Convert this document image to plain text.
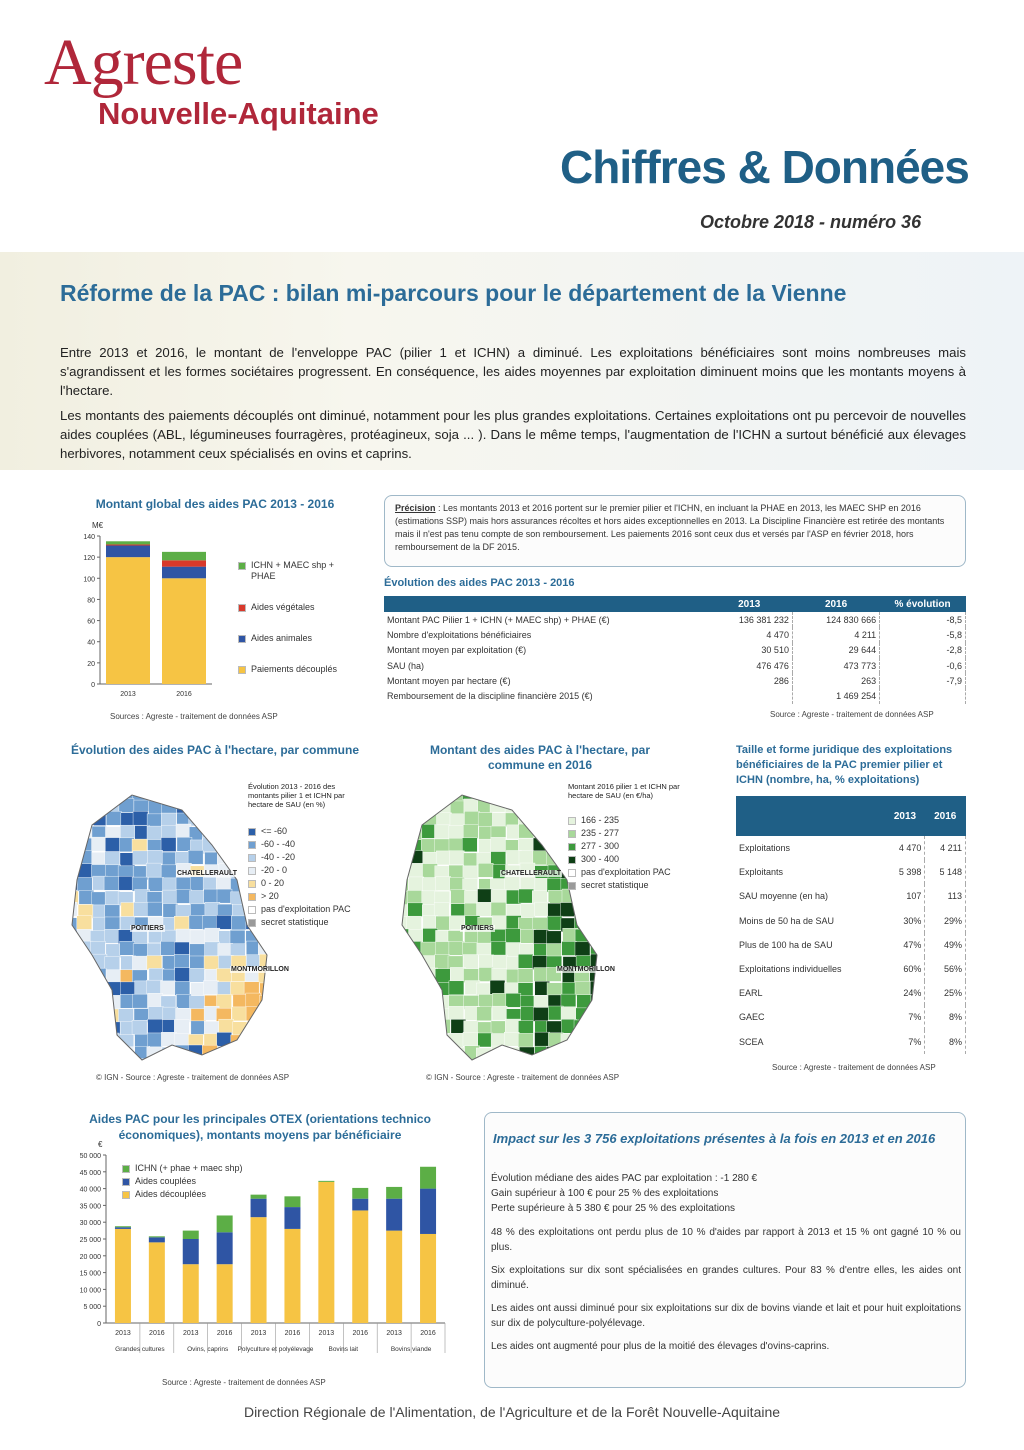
Agreste
Nouvelle-Aquitaine
Chiffres & Données
Octobre 2018 - numéro 36
Réforme de la PAC : bilan mi-parcours pour le département de la Vienne

Entre 2013 et 2016, le montant de l'enveloppe PAC (pilier 1 et ICHN) a diminué. Les exploitations bénéficiaires sont moins nombreuses mais s'agrandissent et les formes sociétaires progressent. En conséquence, les aides moyennes par exploitation diminuent moins que les montants moyens à l'hectare.

Les montants des paiements découplés ont diminué, notamment pour les plus grandes exploitations. Certaines exploitations ont pu percevoir de nouvelles aides couplées (ABL, légumineuses fourragères, protéagineux, soja ... ). Dans le même temps, l'augmentation de l'ICHN a surtout bénéficié aux élevages herbivores, notamment ceux spécialisés en ovins et caprins.

Montant global des aides PAC 2013 - 2016
M€
0
20
40
60
80
100
120
140
2013	2016
ICHN + MAEC shp + PHAE
Aides végétales
Aides animales
Paiements découplés
Sources : Agreste - traitement de données ASP
Précision : Les montants 2013 et 2016 portent sur le premier pilier et l'ICHN, en incluant la PHAE en 2013, les MAEC SHP en 2016 (estimations SSP) mais hors assurances récoltes et hors aides exceptionnelles en 2013. La Discipline Financière est retirée des montants mais il n'est pas tenu compte de son remboursement. Les paiements 2016 sont ceux dus et versés par l'ASP en février 2018, hors remboursement de la DF 2015.
Évolution des aides PAC 2013 - 2016
	2013	2016	% évolution
Montant PAC Pilier 1 + ICHN (+ MAEC shp) + PHAE (€)	136 381 232	124 830 666	-8,5
Nombre d'exploitations bénéficiaires	4 470	4 211	-5,8
Montant moyen par exploitation (€)	30 510	29 644	-2,8
SAU (ha)	476 476	473 773	-0,6
Montant moyen par hectare (€)	286	263	-7,9
Remboursement de la discipline financière 2015 (€)		1 469 254	
Source : Agreste - traitement de données ASP
Évolution des aides PAC à l'hectare, par commune
Évolution 2013 - 2016 des montants pilier 1 et ICHN par hectare de SAU (en %)
<= -60
-60 - -40
-40 - -20
-20 - 0
0 - 20
> 20
pas d'exploitation PAC
secret statistique
CHATELLERAULT
POITIERS
MONTMORILLON
© IGN - Source : Agreste - traitement de données ASP
Montant des aides PAC à l'hectare, par commune en 2016
Montant 2016 pilier 1 et ICHN par hectare de SAU (en €/ha)
166 - 235
235 - 277
277 - 300
300 - 400
pas d'exploitation PAC
secret statistique
CHATELLERAULT
POITIERS
MONTMORILLON
© IGN - Source : Agreste - traitement de données ASP
Taille et forme juridique des exploitations bénéficiaires de la PAC premier pilier et ICHN (nombre, ha, % exploitations)
	2013	2016
Exploitations	4 470	4 211
Exploitants	5 398	5 148
SAU moyenne (en ha)	107	113
Moins de 50 ha de SAU	30%	29%
Plus de 100 ha de SAU	47%	49%
Exploitations individuelles	60%	56%
EARL	24%	25%
GAEC	7%	8%
SCEA	7%	8%
Source : Agreste - traitement de données ASP
Aides PAC pour les principales OTEX (orientations technico économiques), montants moyens par bénéficiaire
€
0
5 000
10 000
15 000
20 000
25 000
30 000
35 000
40 000
45 000
50 000
2013	2016	2013	2016	2013	2016	2013	2016	2013	2016
Grandes cultures	Ovins, caprins Polyculture et polyélevage Bovins lait	Bovins viande
ICHN (+ phae + maec shp)
Aides couplées
Aides découplées
Source : Agreste - traitement de données ASP
Impact sur les 3 756 exploitations présentes à la fois en 2013 et en 2016
Évolution médiane des aides PAC par exploitation : -1 280 €
Gain supérieur à 100 € pour 25 % des exploitations
Perte supérieure à 5 380 € pour 25 % des exploitations
48 % des exploitations ont perdu plus de 10 % d'aides par rapport à 2013 et 15 % ont gagné 10 % ou plus.
Six exploitations sur dix sont spécialisées en grandes cultures. Pour 83 % d'entre elles, les aides ont diminué.
Les aides ont aussi diminué pour six exploitations sur dix de bovins viande et lait et pour huit exploitations sur dix de polyculture-polyélevage.
Les aides ont augmenté pour plus de la moitié des élevages d'ovins-caprins.
Direction Régionale de l'Alimentation, de l'Agriculture et de la Forêt Nouvelle-Aquitaine
